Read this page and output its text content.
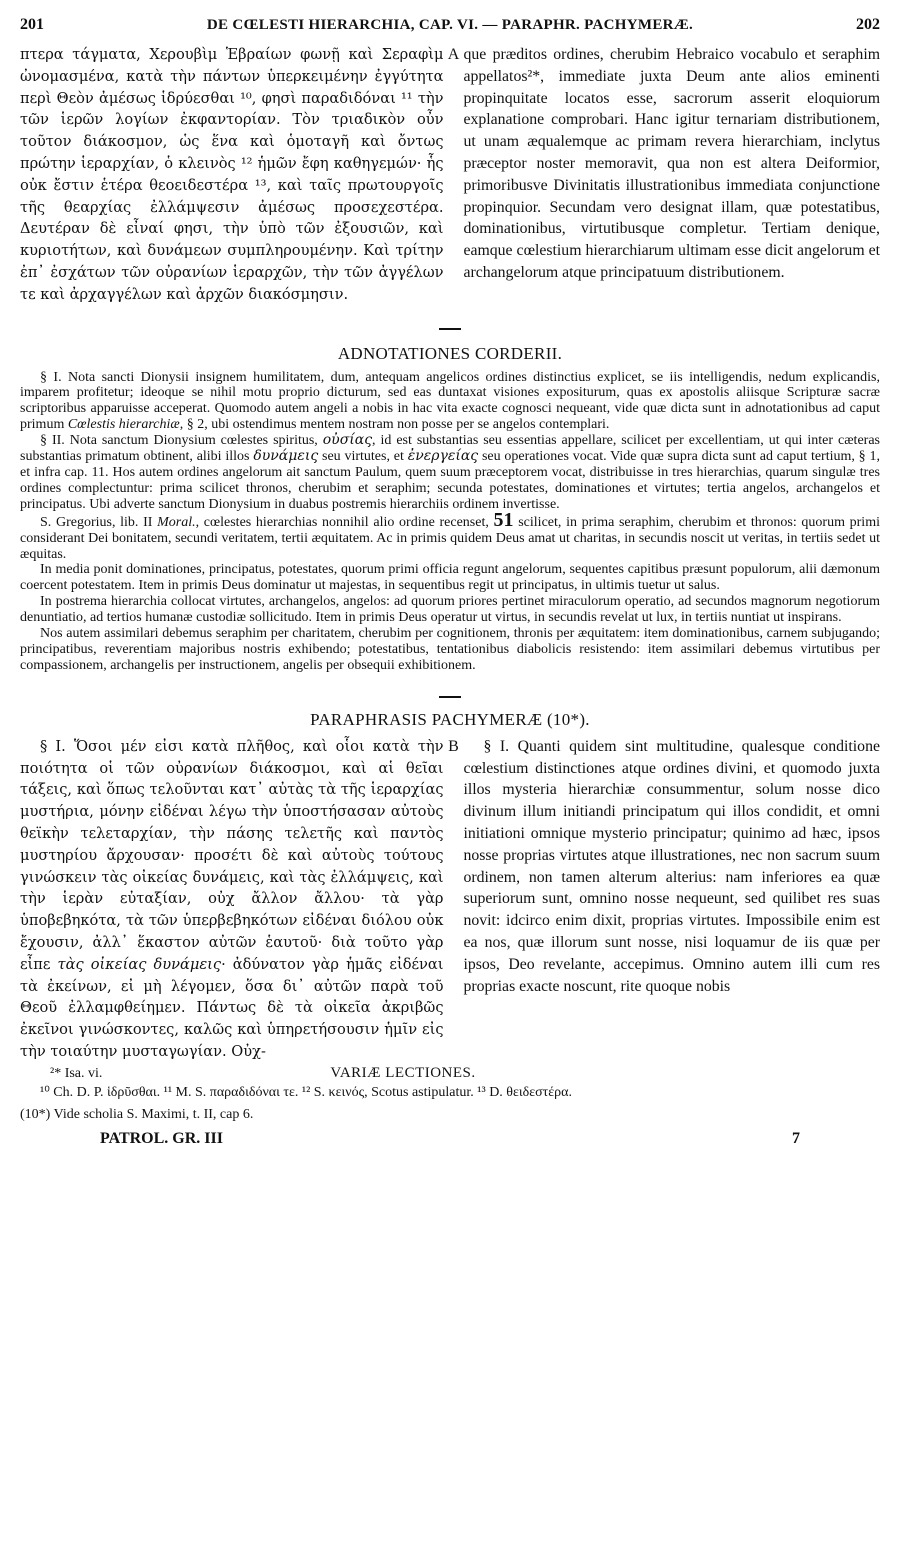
201	DE CŒLESTI HIERARCHIA, CAP. VI. — PARAPHR. PACHYMERÆ.	202

πτερα τάγματα, Χερουβὶμ Ἑβραίων φωνῇ καὶ Σεραφὶμ ὠνομασμένα, κατὰ τὴν πάντων ὑπερκειμένην ἐγγύτητα περὶ Θεὸν ἀμέσως ἱδρύεσθαι ¹⁰, φησὶ παραδιδόναι ¹¹ τὴν τῶν ἱερῶν λογίων ἐκφαντορίαν. Τὸν τριαδικὸν οὖν τοῦτον διάκοσμον, ὡς ἕνα καὶ ὁμοταγῆ καὶ ὄντως πρώτην ἱεραρχίαν, ὁ κλεινὸς ¹² ἡμῶν ἔφη καθηγεμών· ἧς οὐκ ἔστιν ἑτέρα θεοειδεστέρα ¹³, καὶ ταῖς πρωτουργοῖς τῆς θεαρχίας ἐλλάμψεσιν ἀμέσως προσεχεστέρα. Δευτέραν δὲ εἶναί φησι, τὴν ὑπὸ τῶν ἐξουσιῶν, καὶ κυριοτήτων, καὶ δυνάμεων συμπληρουμένην. Καὶ τρίτην ἐπ᾽ ἐσχάτων τῶν οὐρανίων ἱεραρχῶν, τὴν τῶν ἀγγέλων τε καὶ ἀρχαγγέλων καὶ ἀρχῶν διακόσμησιν.

A que præditos ordines, cherubim Hebraico vocabulo et seraphim appellatos²*, immediate juxta Deum ante alios eminenti propinquitate locatos esse, sacrorum asserit eloquiorum explanatione comprobari. Hanc igitur ternariam distributionem, ut unam æqualemque ac primam revera hierarchiam, inclytus præceptor noster memoravit, qua non est altera Deiformior, primoribusve Divinitatis illustrationibus immediata conjunctione propinquior. Secundam vero designat illam, quæ potestatibus, dominationibus, virtutibusque completur. Tertiam denique, eamque cœlestium hierarchiarum ultimam esse dicit angelorum et archangelorum atque principatuum distributionem.

ADNOTATIONES CORDERII.

§ I. Nota sancti Dionysii insignem humilitatem, dum, antequam angelicos ordines distinctius explicet, se iis intelligendis, nedum explicandis, imparem profitetur; ideoque se nihil motu proprio dicturum, sed eas duntaxat visiones expositurum, quas ex apostolis aliisque Scripturæ sacræ scriptoribus apparuisse acceperat. Quomodo autem angeli a nobis in hac vita exacte cognosci nequeant, vide quæ dicta sunt in adnotationibus ad caput primum Cœlestis hierarchiæ, § 2, ubi ostendimus mentem nostram non posse per se angelos contemplari.

§ II. Nota sanctum Dionysium cœlestes spiritus, οὐσίας, id est substantias seu essentias appellare, scilicet per excellentiam, ut qui inter cæteras substantias primatum obtinent, alibi illos δυνάμεις seu virtutes, et ἐνεργείας seu operationes vocat. Vide quæ supra dicta sunt ad caput tertium, § 1, et infra cap. 11. Hos autem ordines angelorum ait sanctum Paulum, quem suum præceptorem vocat, distribuisse in tres hierarchias, quarum singulæ tres ordines complectuntur: prima scilicet thronos, cherubim et seraphim; secunda potestates, dominationes et virtutes; tertia angelos, archangelos et principatus. Ubi adverte sanctum Dionysium in duabus postremis hierarchiis ordinem invertisse.

S. Gregorius, lib. II Moral., cœlestes hierarchias nonnihil alio ordine recenset, 51 scilicet, in prima seraphim, cherubim et thronos: quorum primi considerant Dei bonitatem, secundi veritatem, tertii æquitatem. Ac in primis quidem Deus amat ut charitas, in secundis noscit ut veritas, in tertiis sedet ut æquitas.

In media ponit dominationes, principatus, potestates, quorum primi officia regunt angelorum, sequentes capitibus præsunt populorum, alii dæmonum coercent potestatem. Item in primis Deus dominatur ut majestas, in sequentibus regit ut principatus, in ultimis tuetur ut salus.

In postrema hierarchia collocat virtutes, archangelos, angelos: ad quorum priores pertinet miraculorum operatio, ad secundos magnorum negotiorum denuntiatio, ad tertios humanæ custodiæ sollicitudo. Item in primis Deus operatur ut virtus, in secundis revelat ut lux, in tertiis nuntiat ut inspirans.

Nos autem assimilari debemus seraphim per charitatem, cherubim per cognitionem, thronis per æquitatem: item dominationibus, carnem subjugando; principatibus, reverentiam majoribus nostris exhibendo; potestatibus, tentationibus diabolicis resistendo: item assimilari debemus virtutibus per compassionem, archangelis per instructionem, angelis per obsequii exhibitionem.

PARAPHRASIS PACHYMERÆ (10*).

§ I. Ὅσοι μέν εἰσι κατὰ πλῆθος, καὶ οἷοι κατὰ τὴν ποιότητα οἱ τῶν οὐρανίων διάκοσμοι, καὶ αἱ θεῖαι τάξεις, καὶ ὅπως τελοῦνται κατ᾽ αὐτὰς τὰ τῆς ἱεραρχίας μυστήρια, μόνην εἰδέναι λέγω τὴν ὑποστήσασαν αὐτοὺς θεϊκὴν τελεταρχίαν, τὴν πάσης τελετῆς καὶ παντὸς μυστηρίου ἄρχουσαν· προσέτι δὲ καὶ αὐτοὺς τούτους γινώσκειν τὰς οἰκείας δυνάμεις, καὶ τὰς ἐλλάμψεις, καὶ τὴν ἱερὰν εὐταξίαν, οὐχ ἄλλον ἄλλου· τὰ γὰρ ὑποβεβηκότα, τὰ τῶν ὑπερβεβηκότων εἰδέναι διόλου οὐκ ἔχουσιν, ἀλλ᾽ ἕκαστον αὐτῶν ἑαυτοῦ· διὰ τοῦτο γὰρ εἶπε τὰς οἰκείας δυνάμεις· ἀδύνατον γὰρ ἡμᾶς εἰδέναι τὰ ἐκείνων, εἰ μὴ λέγομεν, ὅσα δι᾽ αὐτῶν παρὰ τοῦ Θεοῦ ἐλλαμφθείημεν. Πάντως δὲ τὰ οἰκεῖα ἀκριβῶς ἐκεῖνοι γινώσκοντες, καλῶς καὶ ὑπηρετήσουσιν ἡμῖν εἰς τὴν τοιαύτην μυσταγωγίαν. Οὐχ-

B	§ I. Quanti quidem sint multitudine, qualesque conditione cœlestium distinctiones atque ordines divini, et quomodo juxta illos mysteria hierarchiæ consummentur, solum nosse dico divinum illum initiandi principatum qui illos condidit, et omni initiationi omnique mysterio principatur; quinimo ad hæc, ipsos nosse proprias virtutes atque illustrationes, nec non sacrum suum ordinem, non tamen alterum alterius: nam inferiores ea quæ superiorum sunt, omnino nosse nequeunt, sed quilibet res suas novit: idcirco enim dixit, proprias virtutes. Impossibile enim est ea nos, quæ illorum sunt nosse, nisi loquamur de iis quæ per ipsos, Deo revelante, accepimus. Omnino autem illi cum res proprias exacte noscunt, rite quoque nobis

²* Isa. vi.	VARIÆ LECTIONES.
¹⁰ Ch. D. P. ἱδρῦσθαι. ¹¹ M. S. παραδιδόναι τε. ¹² S. κεινός, Scotus astipulatur. ¹³ D. θειδεστέρα.
(10*) Vide scholia S. Maximi, t. II, cap 6.
PATROL. GR. III	7
